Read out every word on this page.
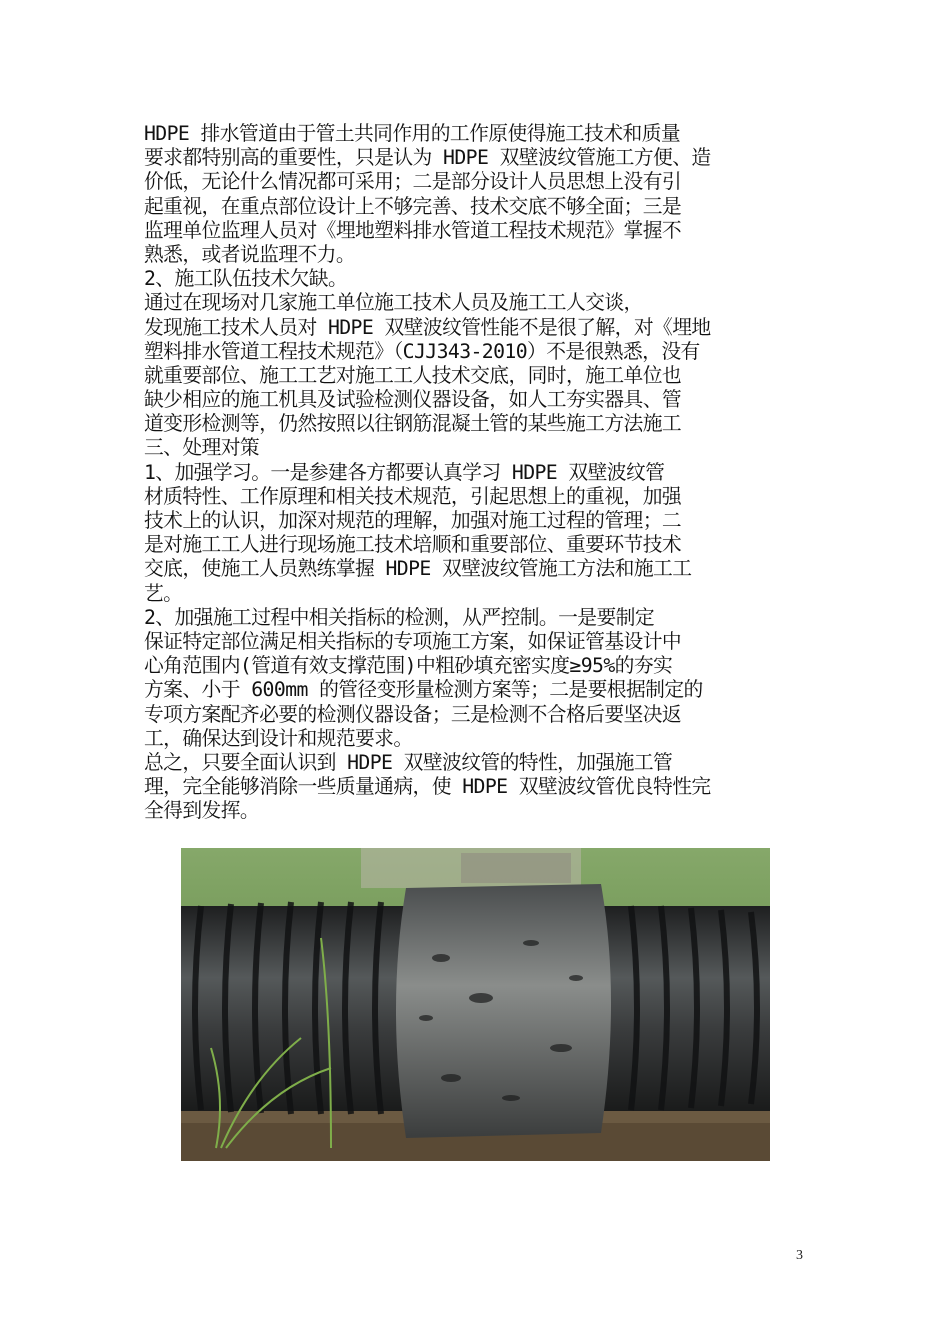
HDPE 排水管道由于管土共同作用的工作原使得施工技术和质量
要求都特别高的重要性，只是认为 HDPE 双壁波纹管施工方便、造
价低，无论什么情况都可采用；二是部分设计人员思想上没有引
起重视，在重点部位设计上不够完善、技术交底不够全面；三是
监理单位监理人员对《埋地塑料排水管道工程技术规范》掌握不
熟悉，或者说监理不力。
2、施工队伍技术欠缺。
通过在现场对几家施工单位施工技术人员及施工工人交谈，
发现施工技术人员对 HDPE 双壁波纹管性能不是很了解，对《埋地
塑料排水管道工程技术规范》（CJJ343-2010）不是很熟悉，没有
就重要部位、施工工艺对施工工人技术交底，同时，施工单位也
缺少相应的施工机具及试验检测仪器设备，如人工夯实器具、管
道变形检测等，仍然按照以往钢筋混凝土管的某些施工方法施工
三、处理对策
1、加强学习。一是参建各方都要认真学习 HDPE 双壁波纹管
材质特性、工作原理和相关技术规范，引起思想上的重视，加强
技术上的认识，加深对规范的理解，加强对施工过程的管理；二
是对施工工人进行现场施工技术培顺和重要部位、重要环节技术
交底，使施工人员熟练掌握 HDPE 双壁波纹管施工方法和施工工
艺。
2、加强施工过程中相关指标的检测，从严控制。一是要制定
保证特定部位满足相关指标的专项施工方案，如保证管基设计中
心角范围内(管道有效支撑范围)中粗砂填充密实度≥95%的夯实
方案、小于 600mm 的管径变形量检测方案等；二是要根据制定的
专项方案配齐必要的检测仪器设备；三是检测不合格后要坚决返
工，确保达到设计和规范要求。
总之，只要全面认识到 HDPE 双壁波纹管的特性，加强施工管
理，完全能够消除一些质量通病，使 HDPE 双壁波纹管优良特性完
全得到发挥。
3
